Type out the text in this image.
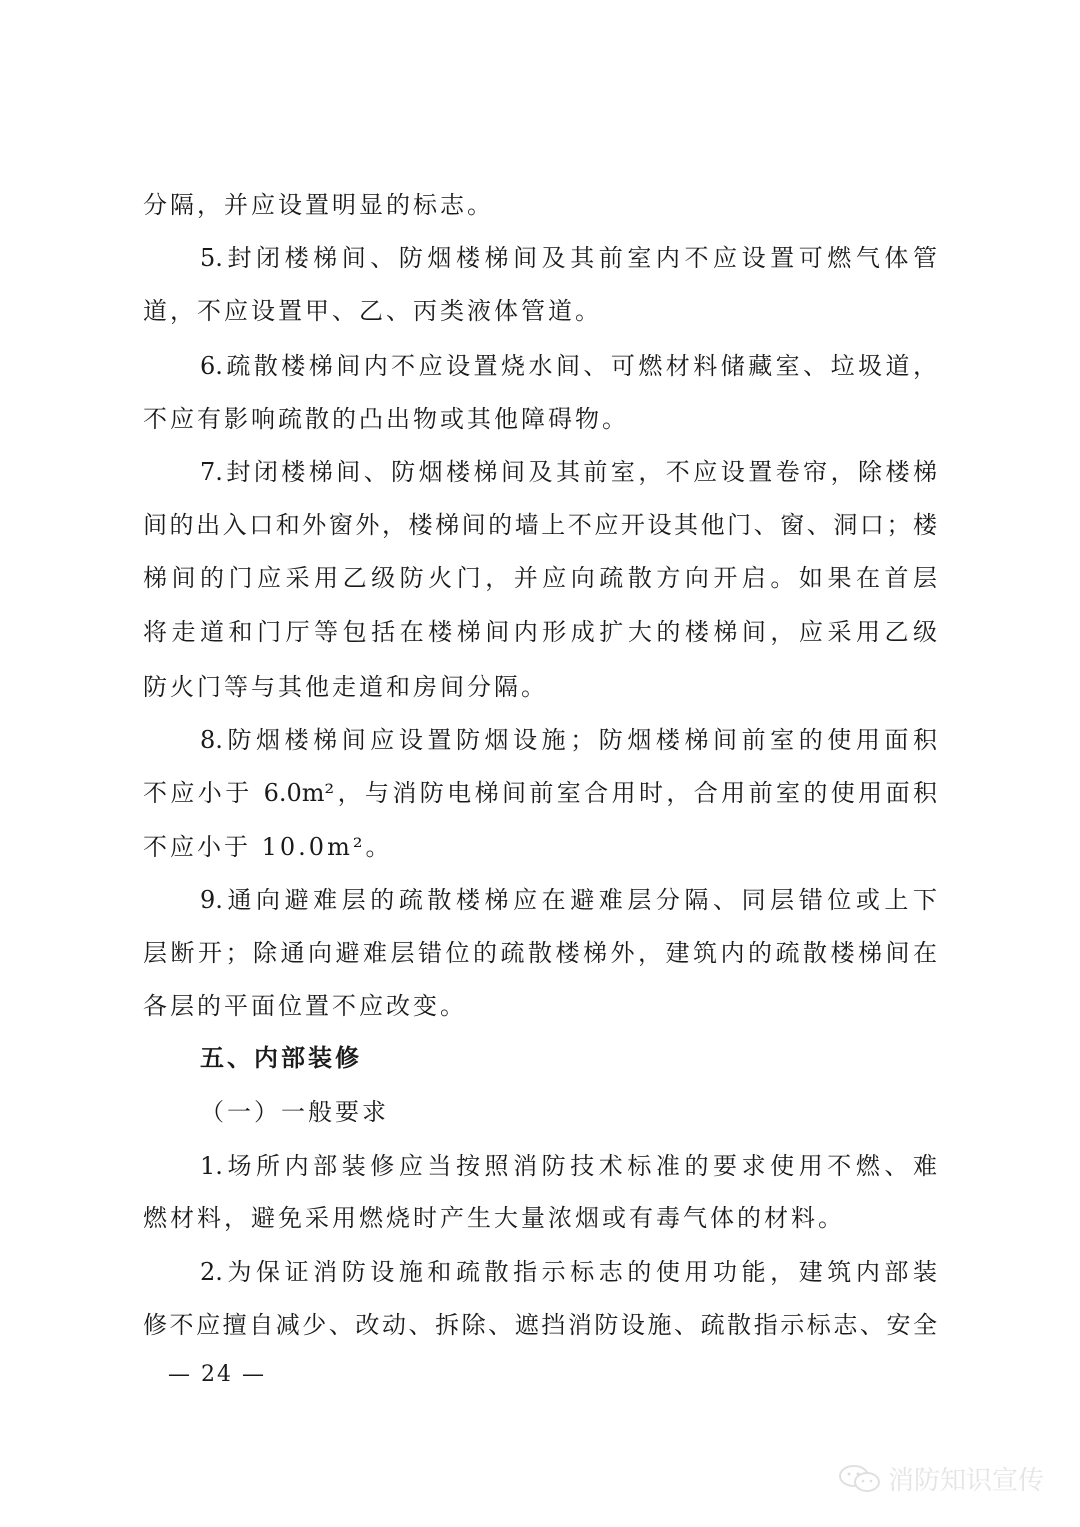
分隔，并应设置明显的标志。
5.封闭楼梯间、防烟楼梯间及其前室内不应设置可燃气体管
道，不应设置甲、乙、丙类液体管道。
6.疏散楼梯间内不应设置烧水间、可燃材料储藏室、垃圾道，
不应有影响疏散的凸出物或其他障碍物。
7.封闭楼梯间、防烟楼梯间及其前室，不应设置卷帘，除楼梯
间的出入口和外窗外，楼梯间的墙上不应开设其他门、窗、洞口；楼
梯间的门应采用乙级防火门，并应向疏散方向开启。如果在首层
将走道和门厅等包括在楼梯间内形成扩大的楼梯间，应采用乙级
防火门等与其他走道和房间分隔。
8.防烟楼梯间应设置防烟设施；防烟楼梯间前室的使用面积
不应小于 6.0m²，与消防电梯间前室合用时，合用前室的使用面积
不应小于 10.0m²。
9.通向避难层的疏散楼梯应在避难层分隔、同层错位或上下
层断开；除通向避难层错位的疏散楼梯外，建筑内的疏散楼梯间在
各层的平面位置不应改变。
五、内部装修
（一）一般要求
1.场所内部装修应当按照消防技术标准的要求使用不燃、难
燃材料，避免采用燃烧时产生大量浓烟或有毒气体的材料。
2.为保证消防设施和疏散指示标志的使用功能，建筑内部装
修不应擅自减少、改动、拆除、遮挡消防设施、疏散指示标志、安全
— 24 —
消防知识宣传
